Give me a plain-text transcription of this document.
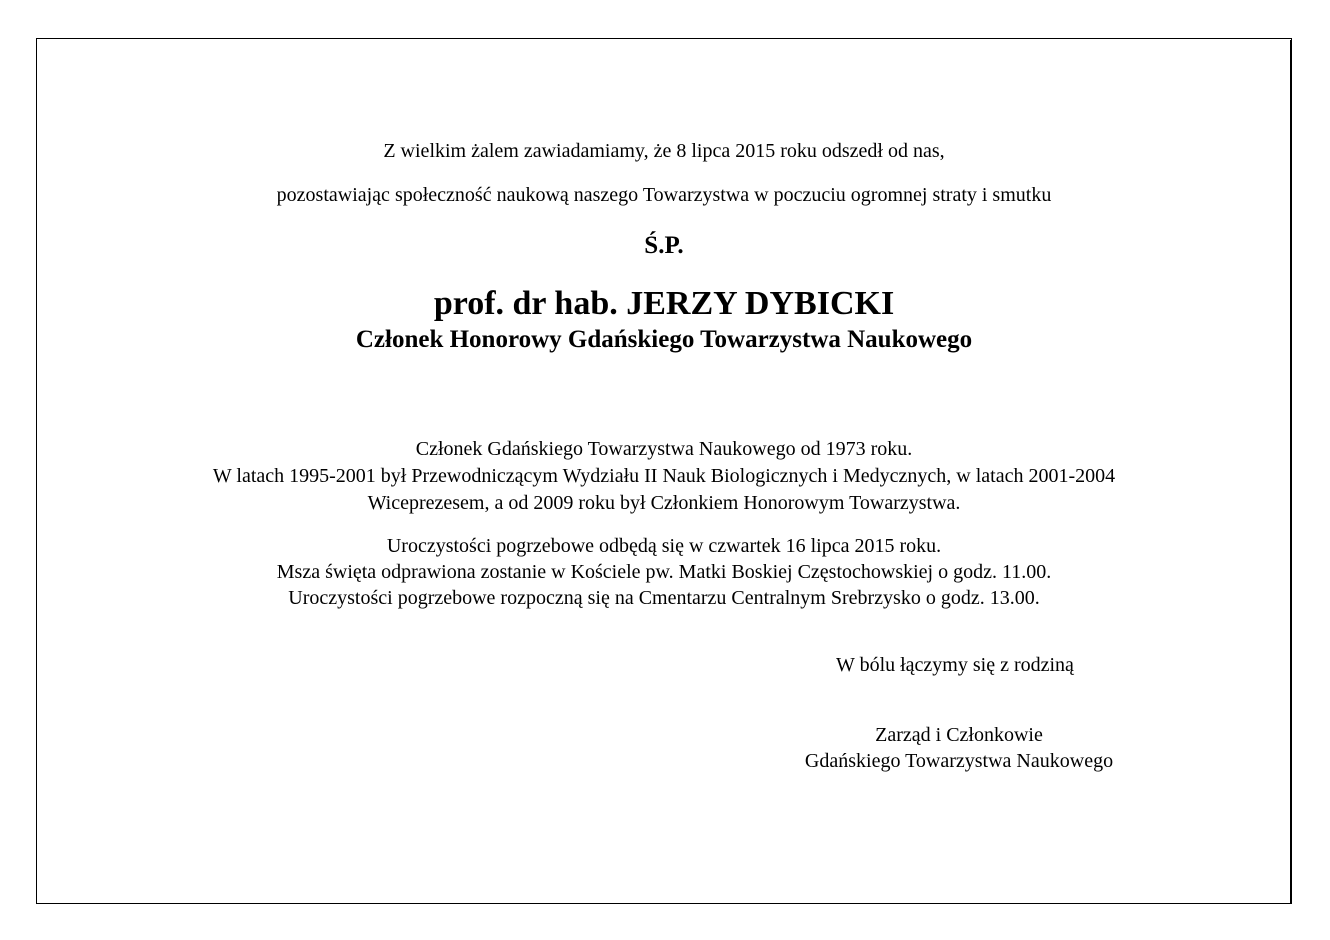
Z wielkim żalem zawiadamiamy, że 8 lipca 2015 roku odszedł od nas,
pozostawiając społeczność naukową naszego Towarzystwa w poczuciu ogromnej straty i smutku
Ś.P.
prof. dr hab. JERZY DYBICKI
Członek Honorowy Gdańskiego Towarzystwa Naukowego
Członek Gdańskiego Towarzystwa Naukowego od 1973 roku.
W latach 1995-2001 był Przewodniczącym Wydziału II Nauk Biologicznych i Medycznych, w latach 2001-2004
Wiceprezesem, a od 2009 roku był Członkiem Honorowym Towarzystwa.
Uroczystości pogrzebowe odbędą się w czwartek 16 lipca 2015 roku.
Msza święta odprawiona zostanie w Kościele pw. Matki Boskiej Częstochowskiej o godz. 11.00.
Uroczystości pogrzebowe rozpoczną się na Cmentarzu Centralnym Srebrzysko o godz. 13.00.
W bólu łączymy się z rodziną
Zarząd i Członkowie
Gdańskiego Towarzystwa Naukowego
